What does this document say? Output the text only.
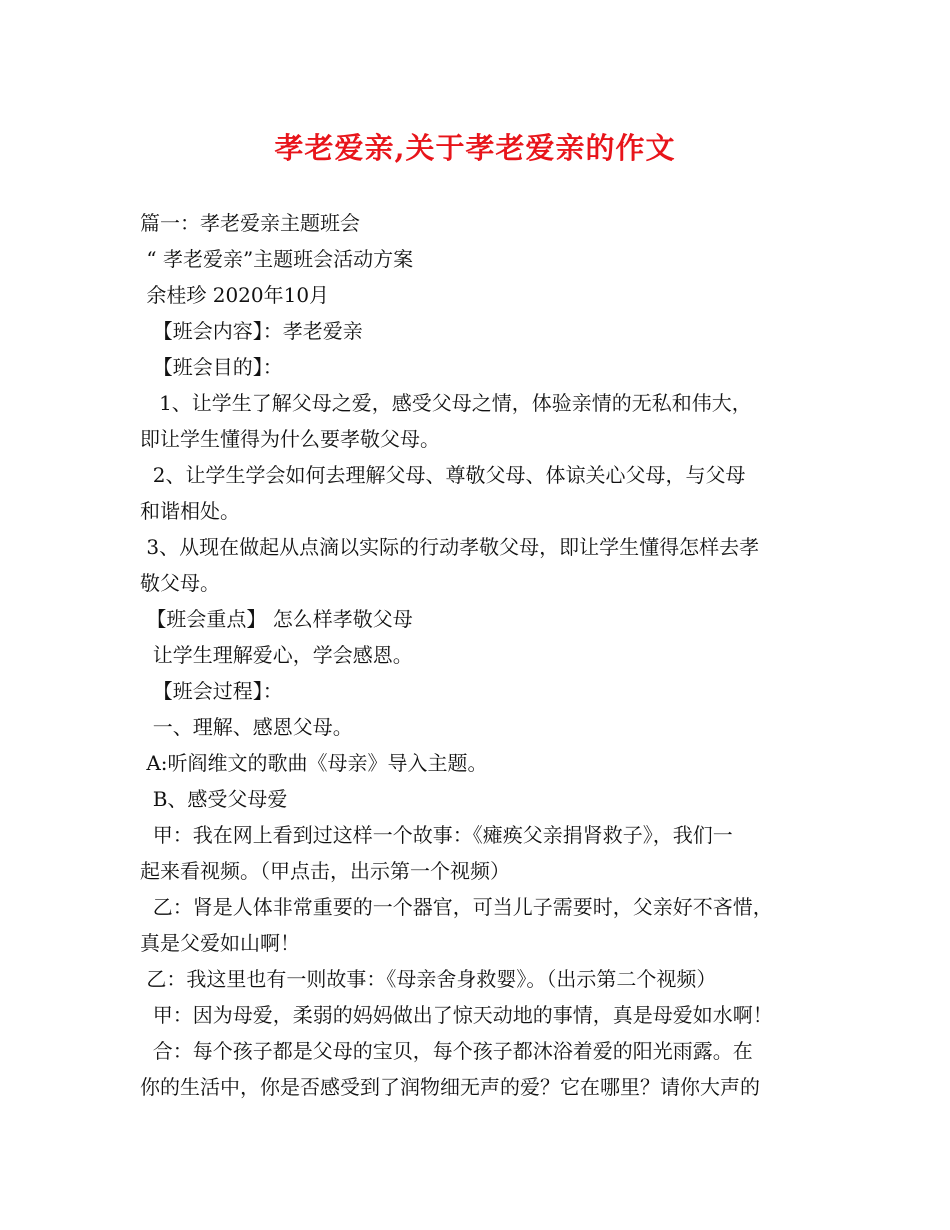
孝老爱亲,关于孝老爱亲的作文
篇一：孝老爱亲主题班会
“ 孝老爱亲”主题班会活动方案
余桂珍 2020年10月
【班会内容】：孝老爱亲
【班会目的】：
1、让学生了解父母之爱，感受父母之情，体验亲情的无私和伟大，
即让学生懂得为什么要孝敬父母。
2、让学生学会如何去理解父母、尊敬父母、体谅关心父母，与父母
和谐相处。
3、从现在做起从点滴以实际的行动孝敬父母，即让学生懂得怎样去孝
敬父母。
【班会重点】 怎么样孝敬父母
让学生理解爱心，学会感恩。
【班会过程】：
一、理解、感恩父母。
A:听阎维文的歌曲《母亲》导入主题。
B、感受父母爱
甲：我在网上看到过这样一个故事：《瘫痪父亲捐肾救子》，我们一
起来看视频。（甲点击，出示第一个视频）
乙：肾是人体非常重要的一个器官，可当儿子需要时，父亲好不吝惜，
真是父爱如山啊！
乙：我这里也有一则故事：《母亲舍身救婴》。（出示第二个视频）
甲：因为母爱，柔弱的妈妈做出了惊天动地的事情，真是母爱如水啊！
合：每个孩子都是父母的宝贝，每个孩子都沐浴着爱的阳光雨露。在
你的生活中，你是否感受到了润物细无声的爱？它在哪里？请你大声的
